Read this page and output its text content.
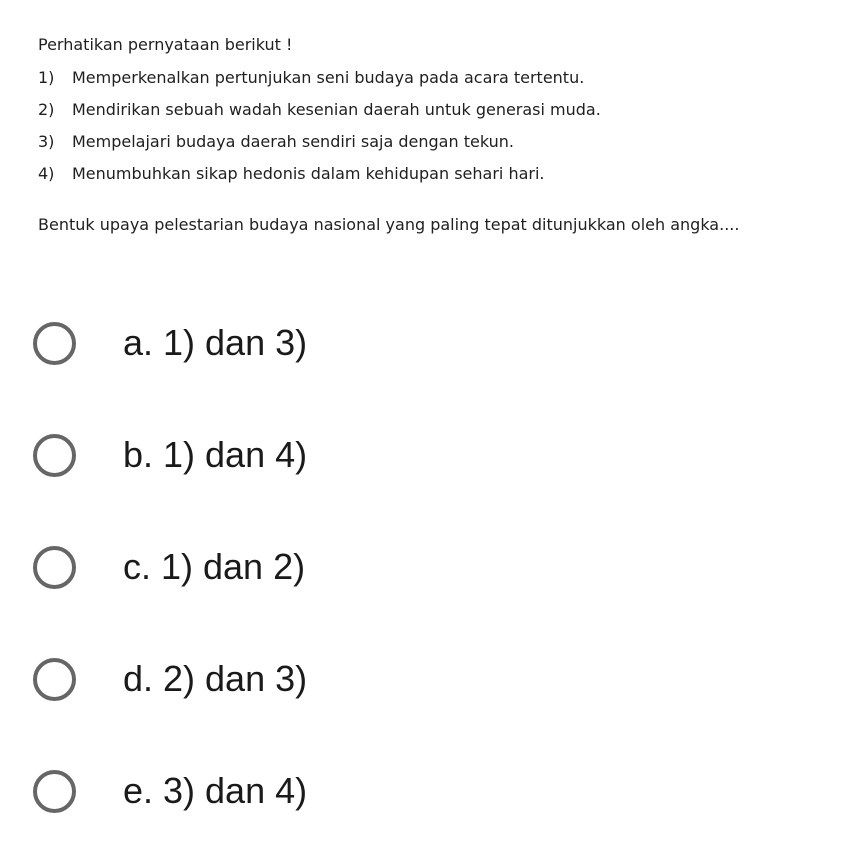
Perhatikan pernyataan berikut !

1)	Memperkenalkan pertunjukan seni budaya pada acara tertentu.
2)	Mendirikan sebuah wadah kesenian daerah untuk generasi muda.
3)	Mempelajari budaya daerah sendiri saja dengan tekun.
4)	Menumbuhkan sikap hedonis dalam kehidupan sehari hari.

Bentuk upaya pelestarian budaya nasional yang paling tepat ditunjukkan oleh angka....

a. 1) dan 3)
b. 1) dan 4)
c. 1) dan 2)
d. 2) dan 3)
e. 3) dan 4)
